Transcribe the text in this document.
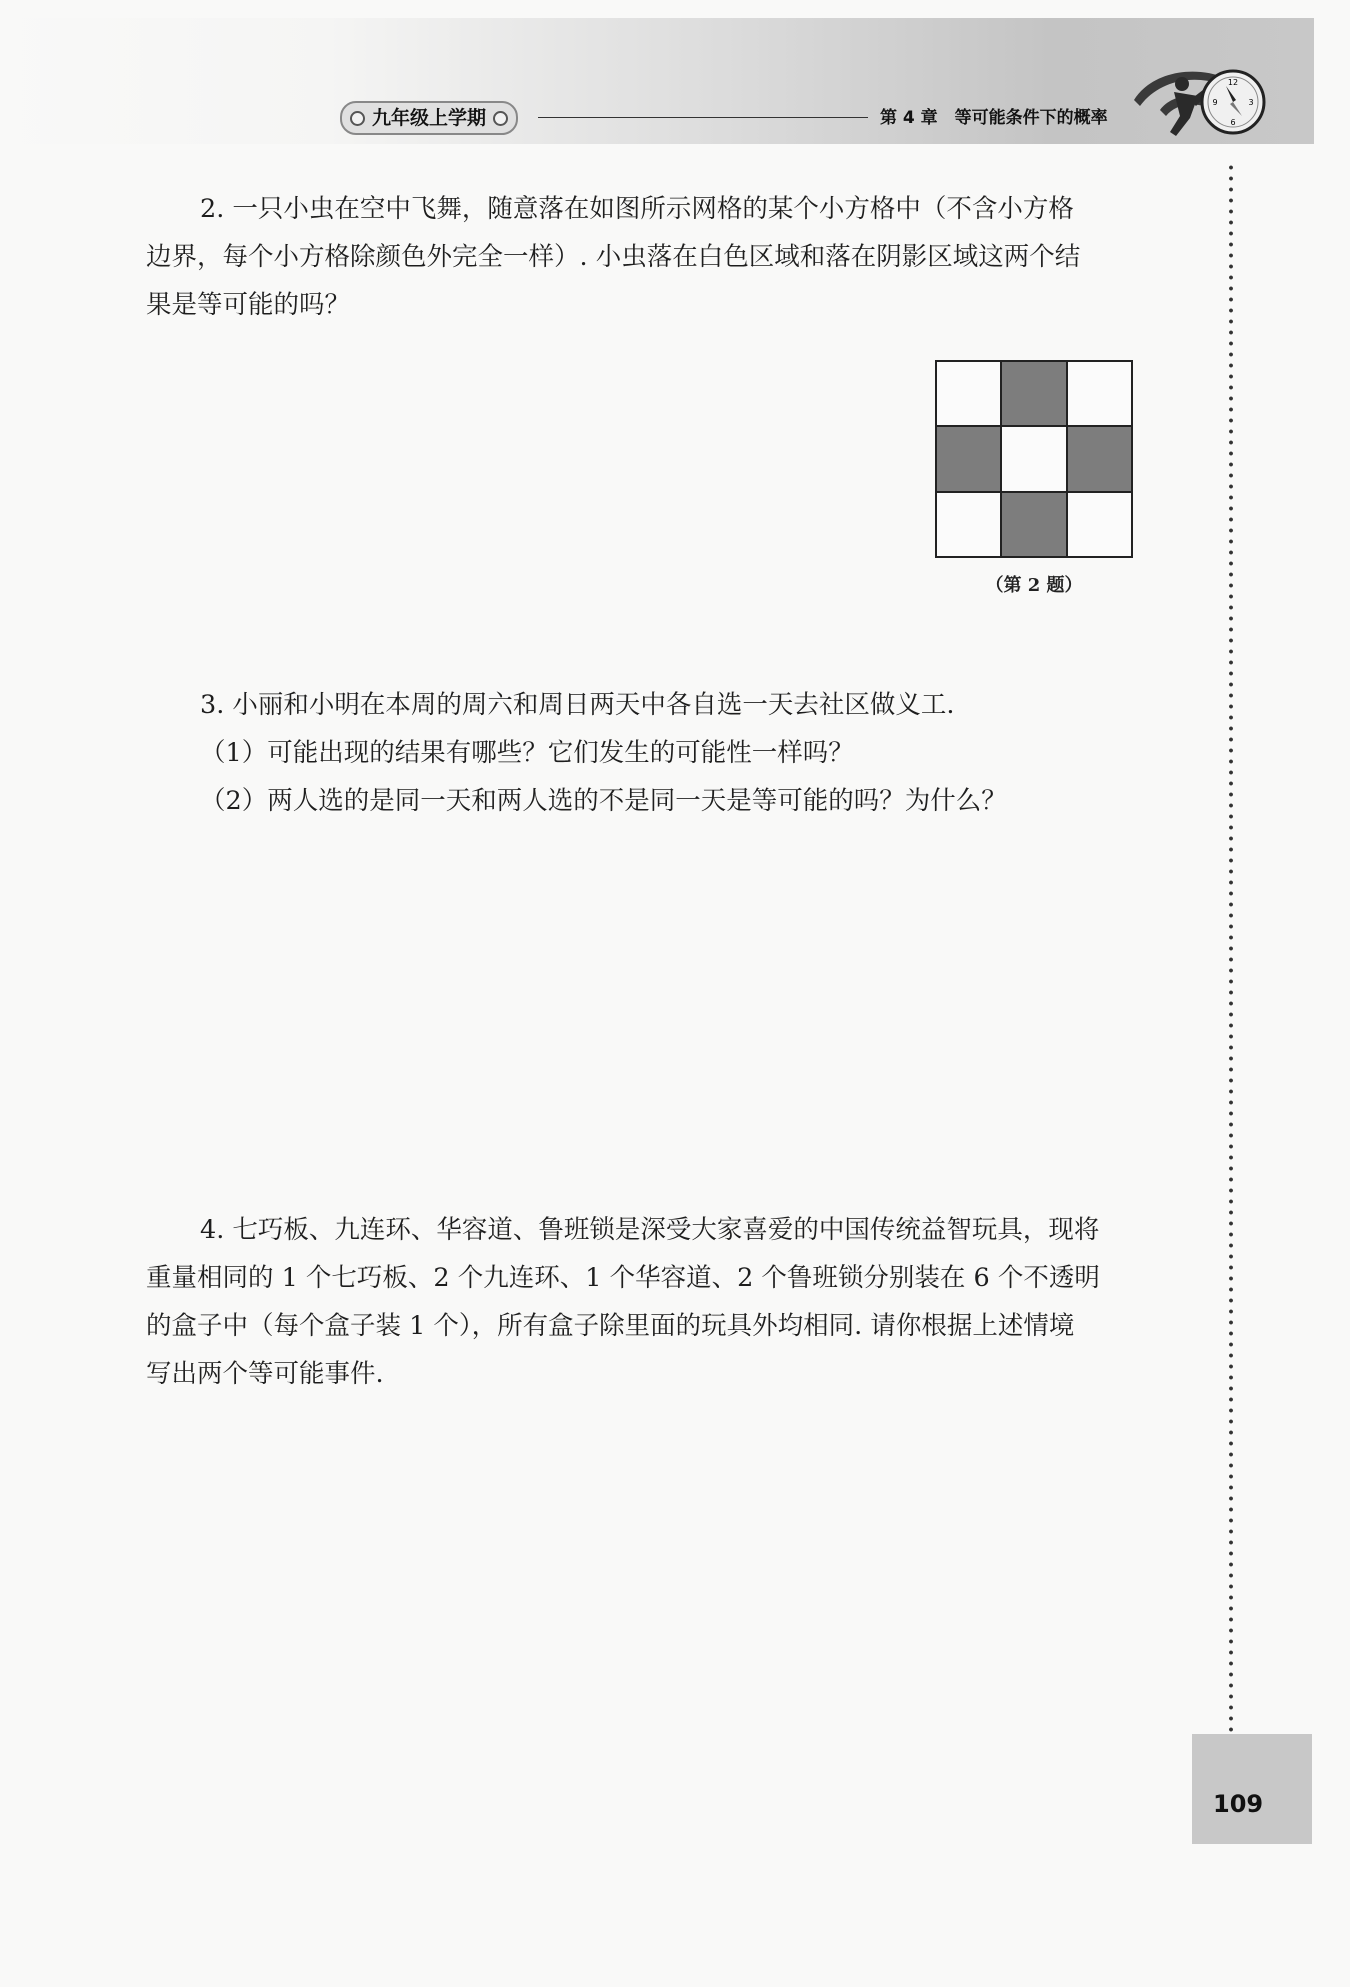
九年级上学期	第 4 章　等可能条件下的概率
12
3
6
9

2. 一只小虫在空中飞舞，随意落在如图所示网格的某个小方格中（不含小方格

边界，每个小方格除颜色外完全一样）. 小虫落在白色区域和落在阴影区域这两个结

果是等可能的吗？

（第 2 题）

3. 小丽和小明在本周的周六和周日两天中各自选一天去社区做义工.

（1）可能出现的结果有哪些？它们发生的可能性一样吗？

（2）两人选的是同一天和两人选的不是同一天是等可能的吗？为什么？

4. 七巧板、九连环、华容道、鲁班锁是深受大家喜爱的中国传统益智玩具，现将

重量相同的 1 个七巧板、2 个九连环、1 个华容道、2 个鲁班锁分别装在 6 个不透明

的盒子中（每个盒子装 1 个），所有盒子除里面的玩具外均相同. 请你根据上述情境

写出两个等可能事件.

109
